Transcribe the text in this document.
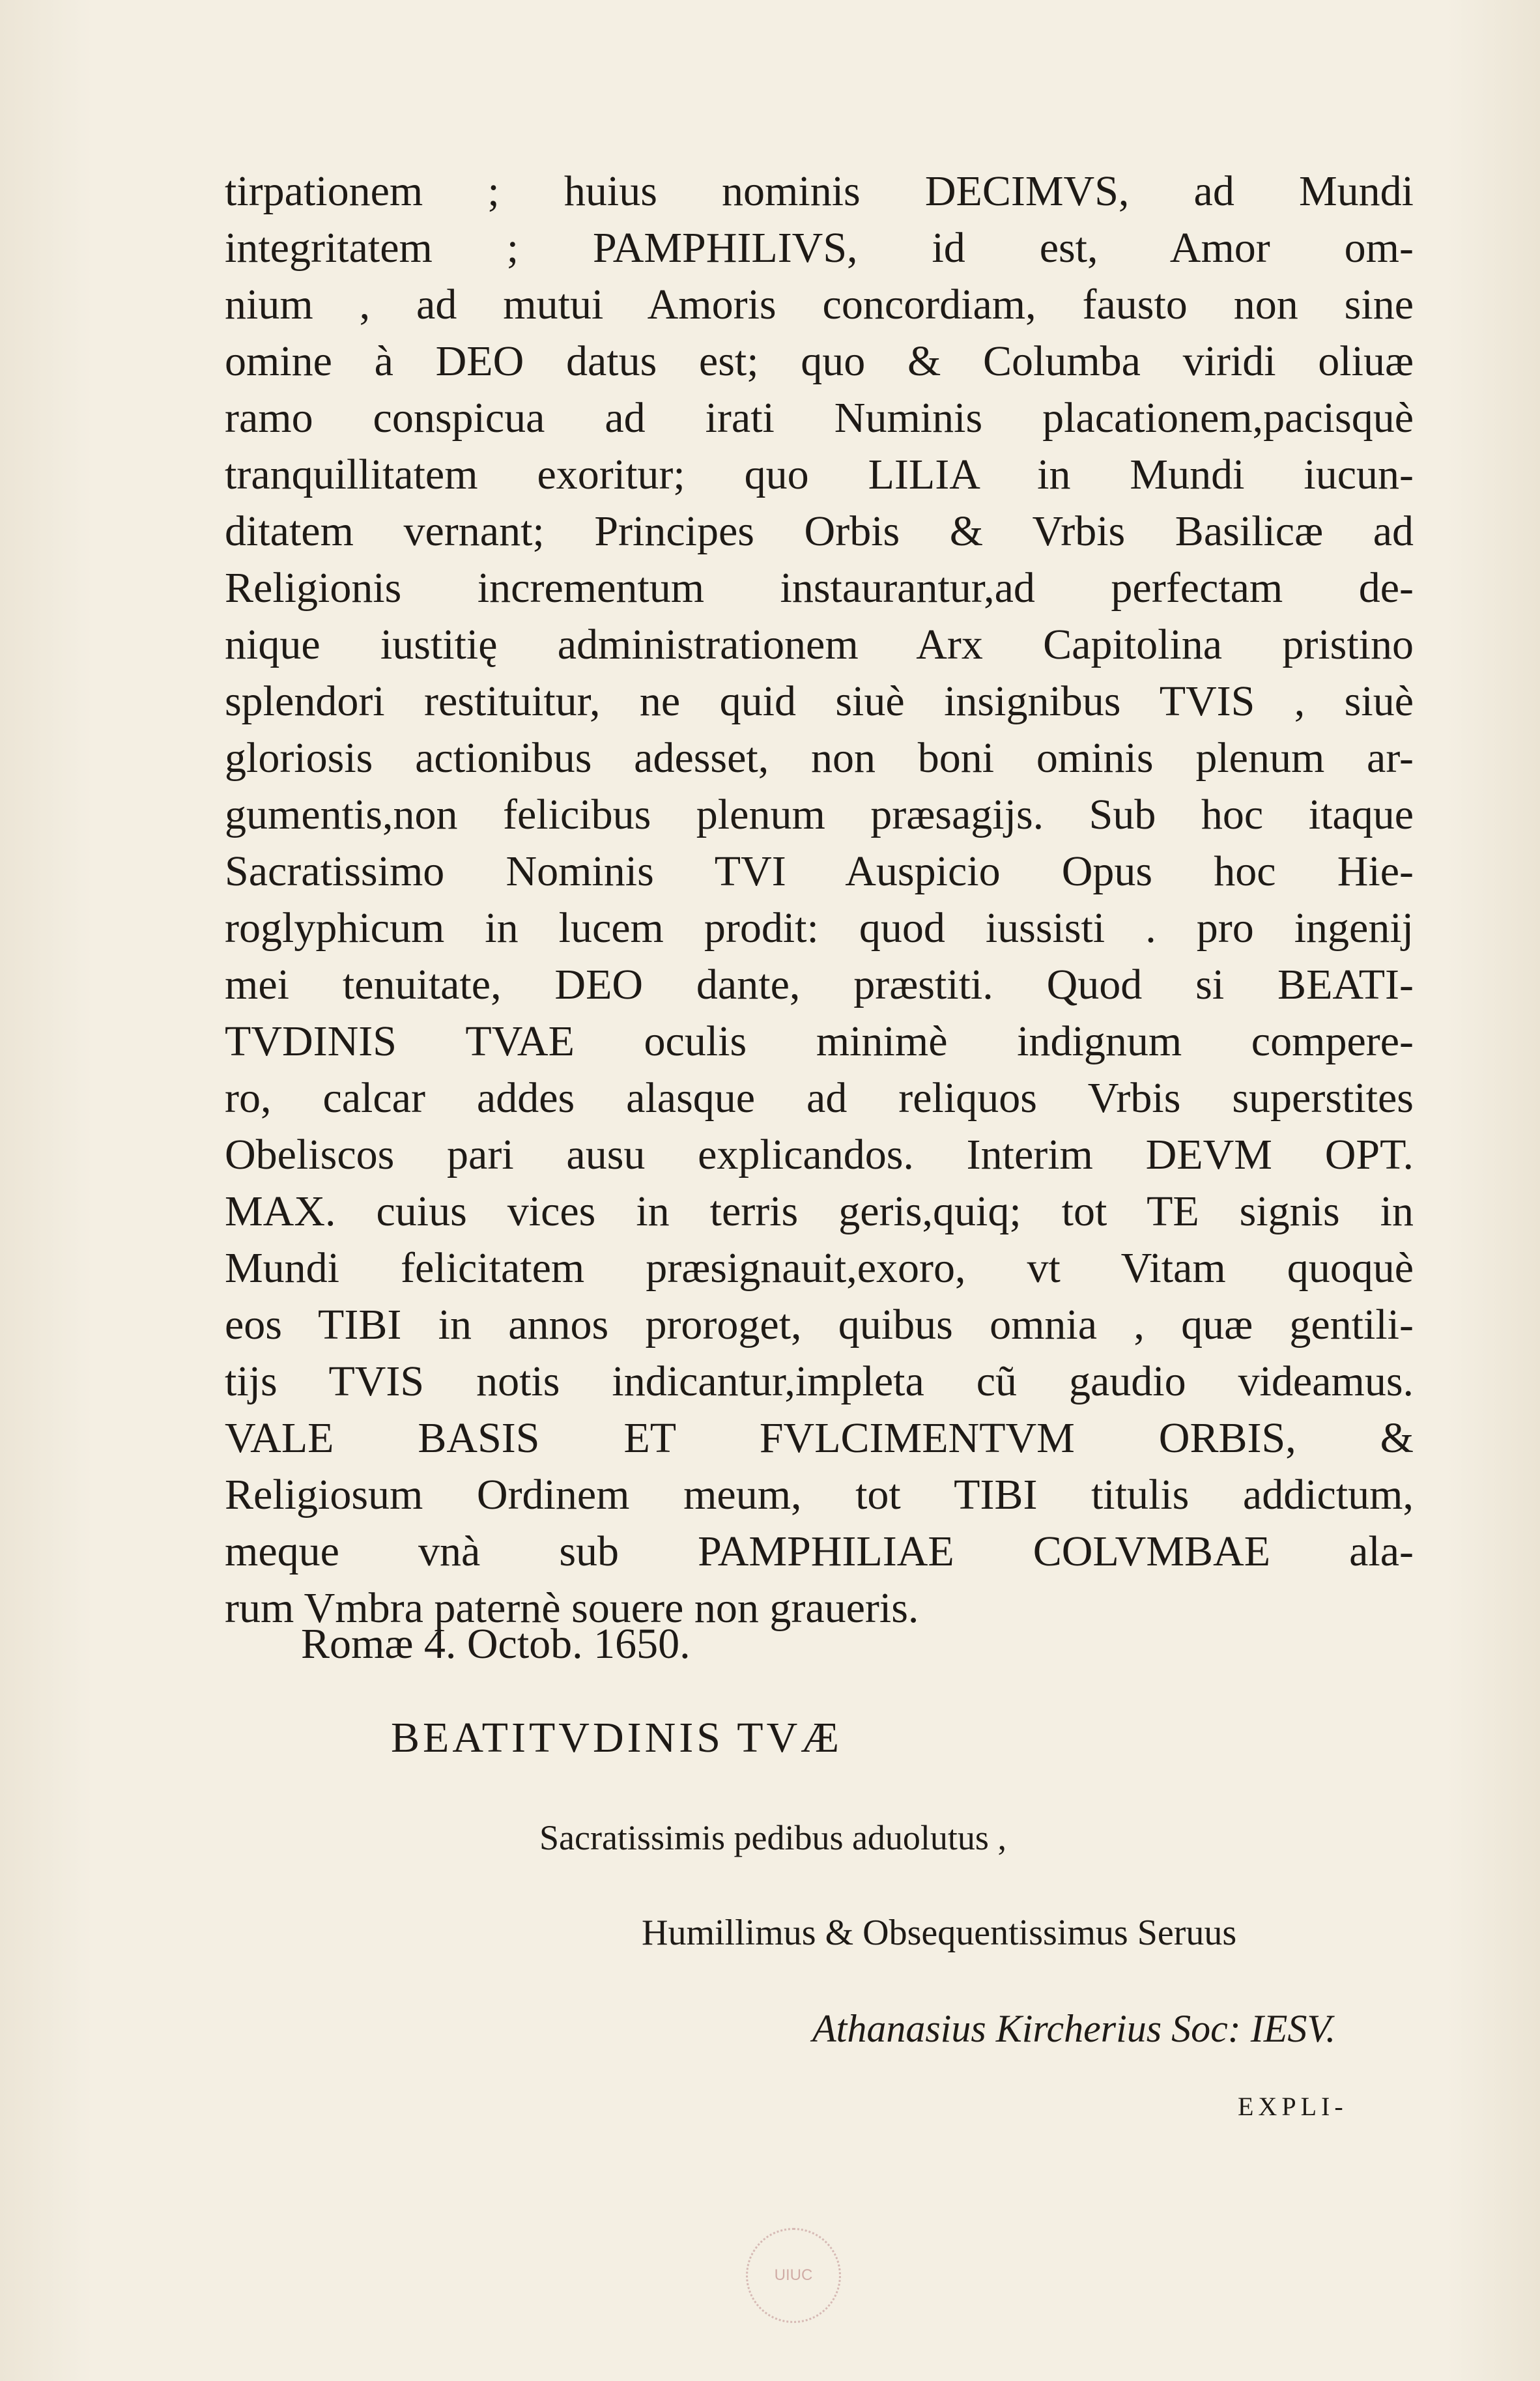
tirpationem ; huius nominis DECIMVS, ad Mundi
integritatem ; PAMPHILIVS, id est, Amor om-
nium , ad mutui Amoris concordiam, fausto non sine
omine à DEO datus est; quo & Columba viridi oliuæ
ramo conspicua ad irati Numinis placationem,pacisquè
tranquillitatem exoritur; quo LILIA in Mundi iucun-
ditatem vernant; Principes Orbis & Vrbis Basilicæ ad
Religionis incrementum instaurantur,ad perfectam de-
nique iustitię administrationem Arx Capitolina pristino
splendori restituitur, ne quid siuè insignibus TVIS , siuè
gloriosis actionibus adesset, non boni ominis plenum ar-
gumentis,non felicibus plenum præsagijs. Sub hoc itaque
Sacratissimo Nominis TVI Auspicio Opus hoc Hie-
roglyphicum in lucem prodit: quod iussisti . pro ingenij
mei tenuitate, DEO dante, præstiti. Quod si BEATI-
TVDINIS TVAE oculis minimè indignum compere-
ro, calcar addes alasque ad reliquos Vrbis superstites
Obeliscos pari ausu explicandos. Interim DEVM OPT.
MAX. cuius vices in terris geris,quiq; tot TE signis in
Mundi felicitatem præsignauit,exoro, vt Vitam quoquè
eos TIBI in annos proroget, quibus omnia , quæ gentili-
tijs TVIS notis indicantur,impleta cũ gaudio videamus.
VALE BASIS ET FVLCIMENTVM ORBIS, &
Religiosum Ordinem meum, tot TIBI titulis addictum,
meque vnà sub PAMPHILIAE COLVMBAE ala-
rum Vmbra paternè souere non graueris.
Romæ 4. Octob. 1650.
BEATITVDINIS TVÆ
Sacratissimis pedibus aduolutus ,
Humillimus & Obsequentissimus Seruus
Athanasius Kircherius Soc: IESV.
EXPLI-
UIUC
